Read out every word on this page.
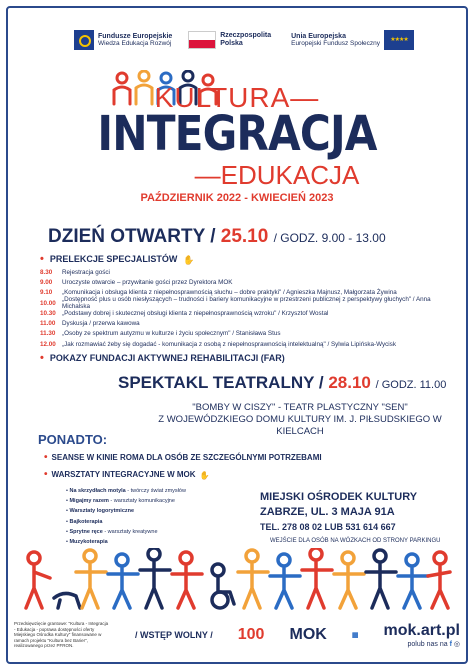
Fundusze Europejskie
Wiedza Edukacja Rozwój
Rzeczpospolita Polska
Unia Europejska
Europejski Fundusz Społeczny
★★★★
KULTURA—
INTEGRACJA
—EDUKACJA
PAŹDZIERNIK 2022 - KWIECIEŃ 2023
DZIEŃ OTWARTY / 25.10 / GODZ. 9.00 - 13.00
• PRELEKCJE SPECJALISTÓW ✋
8.30	Rejestracja gości
9.00	Uroczyste otwarcie – przywitanie gości przez Dyrektora MOK
9.10	„Komunikacja i obsługa klienta z niepełnosprawnością słuchu – dobre praktyki" / Agnieszka Majnusz, Małgorzata Żywina
10.00 „Dostępność plus u osób niesłyszących – trudności i bariery komunikacyjne w przestrzeni publicznej z perspektywy głuchych" / Anna Michalska
10.30 „Podstawy dobrej i skutecznej obsługi klienta z niepełnosprawnością wzroku" / Krzysztof Wostal
11.00	Dyskusja / przerwa kawowa
11.30	„Osoby ze spektrum autyzmu w kulturze i życiu społecznym" / Stanisława Stus
12.00 „Jak rozmawiać żeby się dogadać - komunikacja z osobą z niepełnosprawnością intelektualną" / Sylwia Lipińska-Wycisk
• POKAZY FUNDACJI AKTYWNEJ REHABILITACJI (FAR)
SPEKTAKL TEATRALNY / 28.10 / GODZ. 11.00
"BOMBY W CISZY" - TEATR PLASTYCZNY "SEN"
Z WOJEWÓDZKIEGO DOMU KULTURY IM. J. PIŁSUDSKIEGO W KIELCACH
PONADTO:
• SEANSE W KINIE ROMA DLA OSÓB ZE SZCZEGÓLNYMI POTRZEBAMI
• WARSZTATY INTEGRACYJNE W MOK ✋
• Na skrzydłach motyla - twórczy świat zmysłów
• Migajmy razem - warsztaty komunikacyjne
• Warsztaty logorytmiczne
• Bajkoterapia
• Sprytne ręce - warsztaty kreatywne
• Muzykoterapia
MIEJSKI OŚRODEK KULTURY
ZABRZE, UL. 3 MAJA 91A
TEL. 278 08 02 LUB 531 614 667
WEJŚCIE DLA OSÓB NA WÓZKACH OD STRONY PARKINGU
Przedsięwzięcie grantowe: "Kultura - Integracja - Edukacja - poprawa dostępności oferty Miejskiego Ośrodka Kultury" finansowane w ramach projektu "Kultura bez Barier", realizowanego przez PFRON.
/ WSTĘP WOLNY / 100 MOK	▦ mok.art.pl
polub nas na f ◎
